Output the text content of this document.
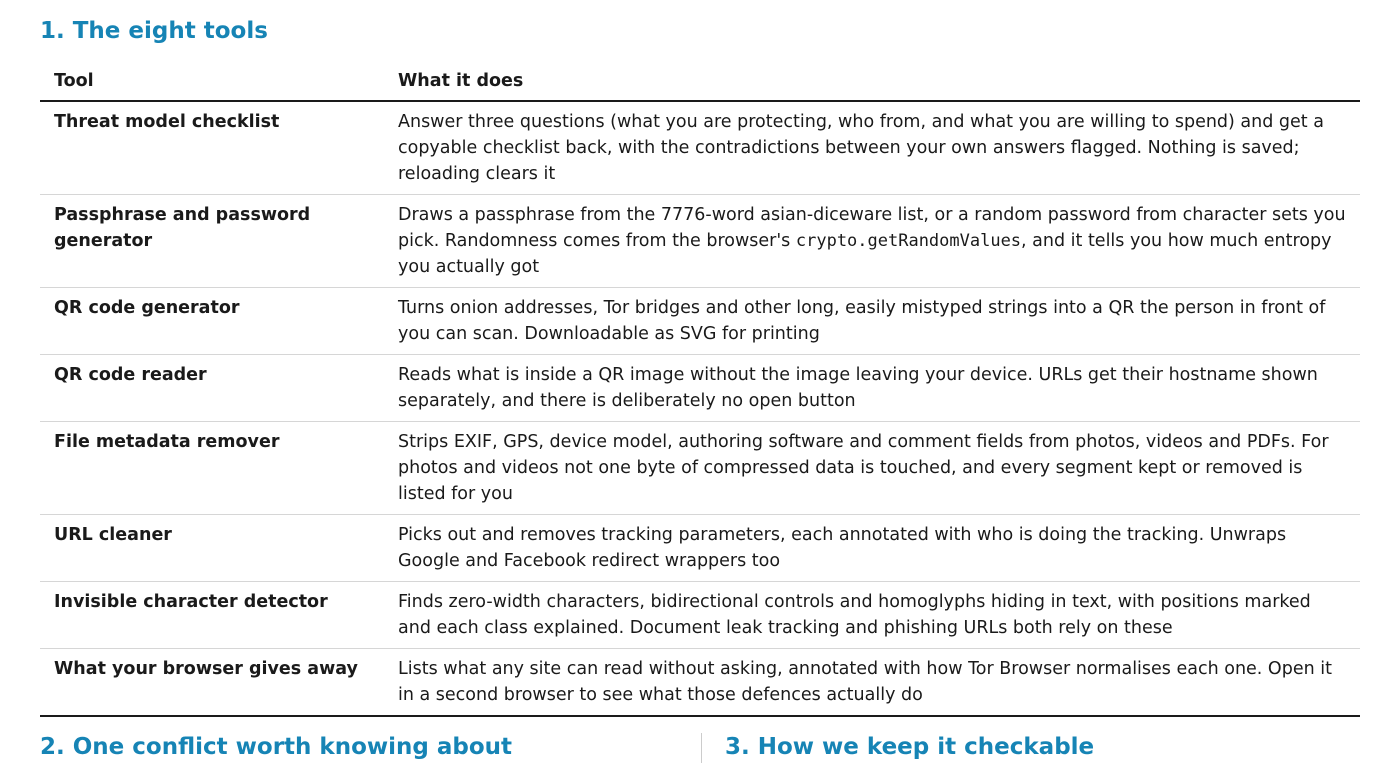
1. The eight tools
Tool	What it does
Threat model checklist	Answer three questions (what you are protecting, who from, and what you are willing to spend) and get a copyable checklist back, with the contradictions between your own answers flagged. Nothing is saved; reloading clears it
Passphrase and password generator	Draws a passphrase from the 7776-word asian-diceware list, or a random password from character sets you pick. Randomness comes from the browser's crypto.getRandomValues, and it tells you how much entropy you actually got
QR code generator	Turns onion addresses, Tor bridges and other long, easily mistyped strings into a QR the person in front of you can scan. Downloadable as SVG for printing
QR code reader	Reads what is inside a QR image without the image leaving your device. URLs get their hostname shown separately, and there is deliberately no open button
File metadata remover	Strips EXIF, GPS, device model, authoring software and comment fields from photos, videos and PDFs. For photos and videos not one byte of compressed data is touched, and every segment kept or removed is listed for you
URL cleaner	Picks out and removes tracking parameters, each annotated with who is doing the tracking. Unwraps Google and Facebook redirect wrappers too
Invisible character detector	Finds zero-width characters, bidirectional controls and homoglyphs hiding in text, with positions marked and each class explained. Document leak tracking and phishing URLs both rely on these
What your browser gives away	Lists what any site can read without asking, annotated with how Tor Browser normalises each one. Open it in a second browser to see what those defences actually do
2. One conflict worth knowing about	3. How we keep it checkable
